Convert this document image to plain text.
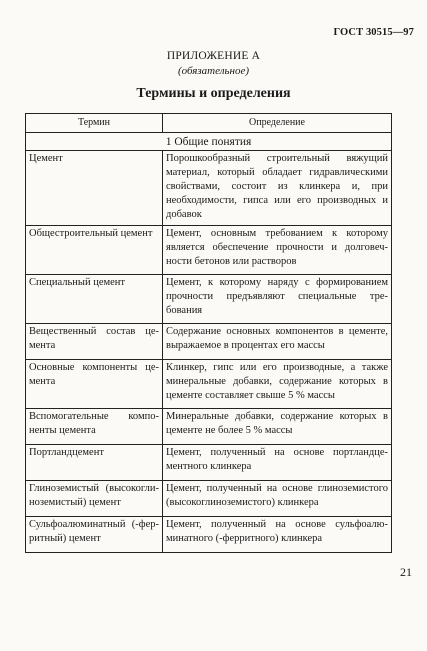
ГОСТ 30515—97
ПРИЛОЖЕНИЕ А
(обязательное)
Термины и определения
Термин	Определение
1 Общие понятия	
Цемент	Порошкообразный строительный вяжущий материал, который обладает гидравлическими свойствами, состоит из клинкера и, при необходимости, гипса или его производных и добавок
Общестроительный цемент	Цемент, основным требованием к которому является обеспечение прочности и долговечности бетонов или растворов
Специальный цемент	Цемент, к которому наряду с формированием прочности предъявляют специальные требования
Вещественный состав цемента	Содержание основных компонентов в цементе, выражаемое в процентах его массы
Основные компоненты цемента	Клинкер, гипс или его производные, а также минеральные добавки, содержание которых в цементе составляет свыше 5 % массы
Вспомогательные компоненты цемента	Минеральные добавки, содержание которых в цементе не более 5 % массы
Портландцемент	Цемент, полученный на основе портландцементного клинкера
Глиноземистый (высокоглиноземистый) цемент	Цемент, полученный на основе глиноземистого (высокоглиноземистого) клинкера
Сульфоалюминатный (-ферритный) цемент	Цемент, полученный на основе сульфоалюминатного (-ферритного) клинкера
21
